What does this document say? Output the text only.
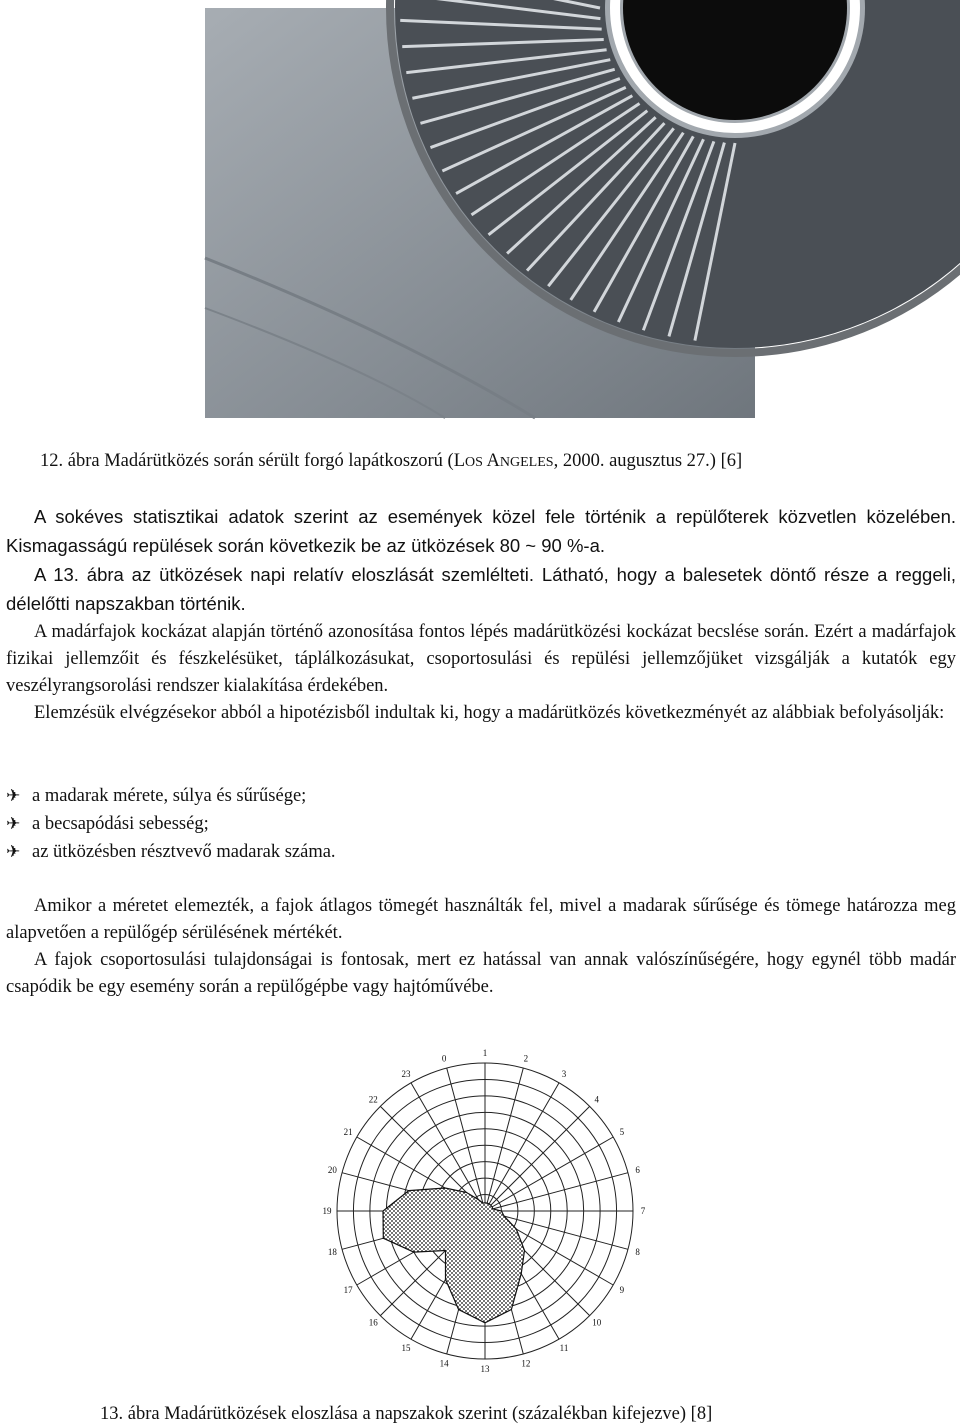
12. ábra Madárütközés során sérült forgó lapátkoszorú (LOS ANGELES, 2000. augusztus 27.) [6]

A sokéves statisztikai adatok szerint az események közel fele történik a repülőterek közvetlen közelében. Kismagasságú repülések során következik be az ütközések 80 ~ 90 %-a.
A 13. ábra az ütközések napi relatív eloszlását szemlélteti. Látható, hogy a balesetek döntő része a reggeli, délelőtti napszakban történik.

A madárfajok kockázat alapján történő azonosítása fontos lépés madárütközési kockázat becslése során. Ezért a madárfajok fizikai jellemzőit és fészkelésüket, táplálkozásukat, csoportosulási és repülési jellemzőjüket vizsgálják a kutatók egy veszélyrangsorolási rendszer kialakítása érdekében.

Elemzésük elvégzésekor abból a hipotézisből indultak ki, hogy a madárütközés következményét az alábbiak befolyásolják:

✈ a madarak mérete, súlya és sűrűsége;
✈ a becsapódási sebesség;
✈ az ütközésben résztvevő madarak száma.

Amikor a méretet elemezték, a fajok átlagos tömegét használták fel, mivel a madarak sűrűsége és tömege határozza meg alapvetően a repülőgép sérülésének mértékét.

A fajok csoportosulási tulajdonságai is fontosak, mert ez hatással van annak valószínűségére, hogy egynél több madár csapódik be egy esemény során a repülőgépbe vagy hajtóművébe.

0
1
2
3
4
5
6
7
8
9
10
11
12
13
14
15
16
17
18
19
20
21
22
23
13. ábra Madárütközések eloszlása a napszakok szerint (százalékban kifejezve) [8]
